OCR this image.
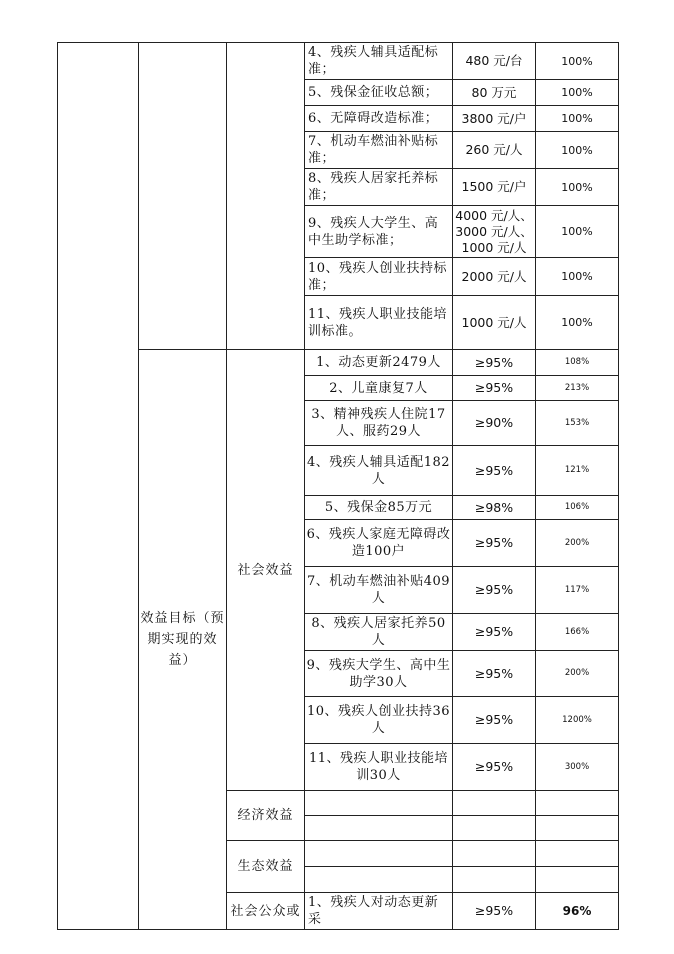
			4、残疾人辅具适配标准；	480 元/台	100%
			5、残保金征收总额；	80 万元	100%
			6、无障碍改造标准；	3800 元/户	100%
			7、机动车燃油补贴标准；	260 元/人	100%
			8、残疾人居家托养标准；	1500 元/户	100%
			9、残疾人大学生、高中生助学标准；	4000 元/人、3000 元/人、1000 元/人	100%
			10、残疾人创业扶持标准；	2000 元/人	100%
			11、残疾人职业技能培训标准。	1000 元/人	100%
	效益目标（预期实现的效益）	社会效益	1、动态更新2479人	≥95%	108%
			2、儿童康复7人	≥95%	213%
			3、精神残疾人住院17人、服药29人	≥90%	153%
			4、残疾人辅具适配182人	≥95%	121%
			5、残保金85万元	≥98%	106%
			6、残疾人家庭无障碍改造100户	≥95%	200%
			7、机动车燃油补贴409人	≥95%	117%
			8、残疾人居家托养50人	≥95%	166%
			9、残疾大学生、高中生助学30人	≥95%	200%
			10、残疾人创业扶持36人	≥95%	1200%
			11、残疾人职业技能培训30人	≥95%	300%
		经济效益			

		生态效益			

		社会公众或	1、残疾人对动态更新采	≥95%	96%
